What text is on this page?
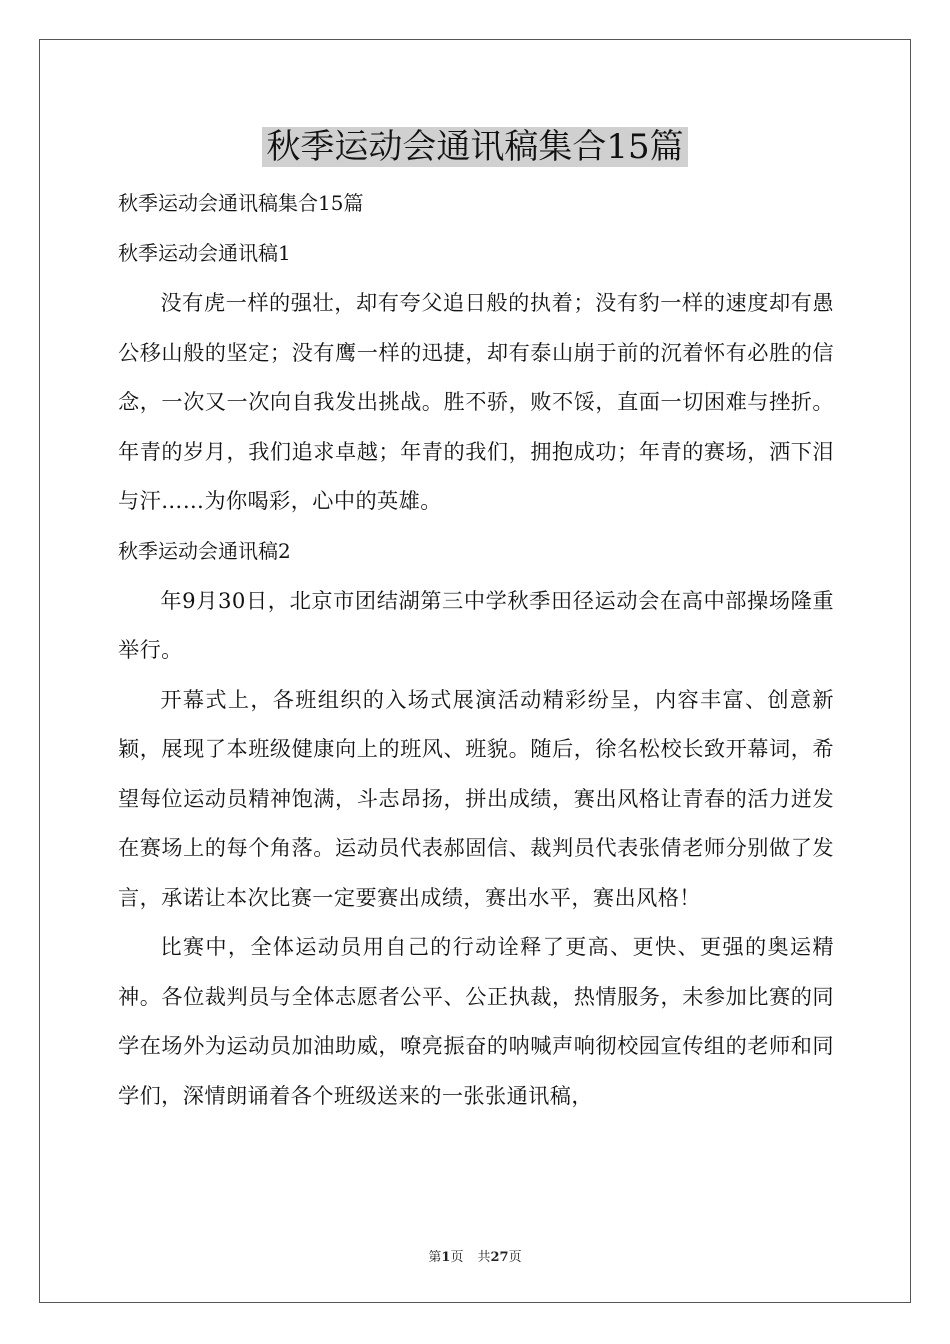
秋季运动会通讯稿集合15篇

秋季运动会通讯稿集合15篇

秋季运动会通讯稿1

没有虎一样的强壮，却有夸父追日般的执着；没有豹一样的速度却有愚公移山般的坚定；没有鹰一样的迅捷，却有泰山崩于前的沉着怀有必胜的信念，一次又一次向自我发出挑战。胜不骄，败不馁，直面一切困难与挫折。年青的岁月，我们追求卓越；年青的我们，拥抱成功；年青的赛场，洒下泪与汗……为你喝彩，心中的英雄。

秋季运动会通讯稿2

年9月30日，北京市团结湖第三中学秋季田径运动会在高中部操场隆重举行。

开幕式上，各班组织的入场式展演活动精彩纷呈，内容丰富、创意新颖，展现了本班级健康向上的班风、班貌。随后，徐名松校长致开幕词，希望每位运动员精神饱满，斗志昂扬，拼出成绩，赛出风格让青春的活力迸发在赛场上的每个角落。运动员代表郝固信、裁判员代表张倩老师分别做了发言，承诺让本次比赛一定要赛出成绩，赛出水平，赛出风格！

比赛中，全体运动员用自己的行动诠释了更高、更快、更强的奥运精神。各位裁判员与全体志愿者公平、公正执裁，热情服务，未参加比赛的同学在场外为运动员加油助威，嘹亮振奋的呐喊声响彻校园宣传组的老师和同学们，深情朗诵着各个班级送来的一张张通讯稿，

第1页 共27页
